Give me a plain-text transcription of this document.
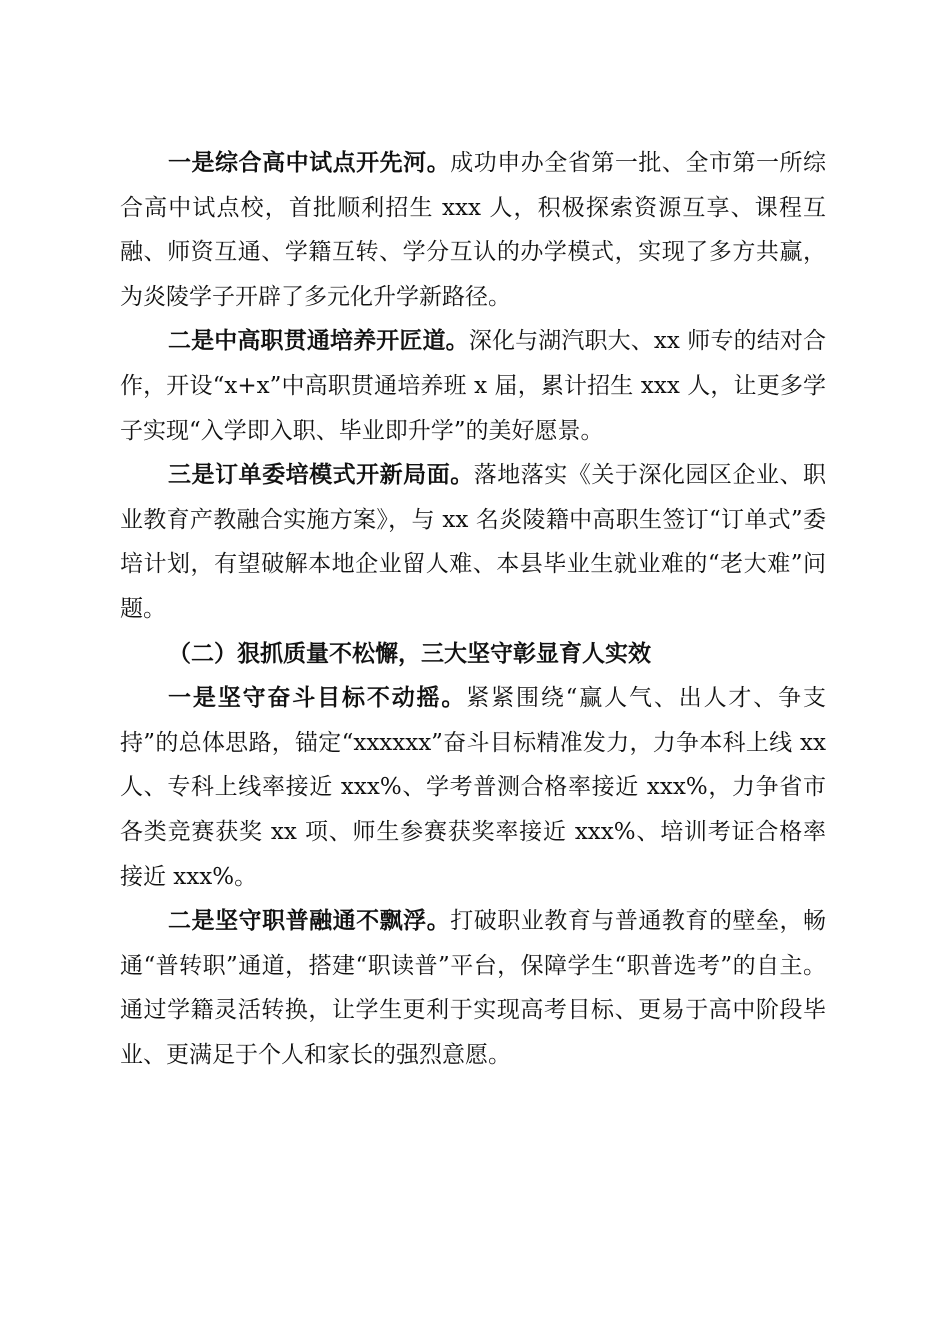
一是综合高中试点开先河。成功申办全省第一批、全市第一所综合高中试点校，首批顺利招生 xxx 人，积极探索资源互享、课程互融、师资互通、学籍互转、学分互认的办学模式，实现了多方共赢，为炎陵学子开辟了多元化升学新路径。

二是中高职贯通培养开匠道。深化与湖汽职大、xx 师专的结对合作，开设“x+x”中高职贯通培养班 x 届，累计招生 xxx 人，让更多学子实现“入学即入职、毕业即升学”的美好愿景。

三是订单委培模式开新局面。落地落实《关于深化园区企业、职业教育产教融合实施方案》，与 xx 名炎陵籍中高职生签订“订单式”委培计划，有望破解本地企业留人难、本县毕业生就业难的“老大难”问题。

（二）狠抓质量不松懈，三大坚守彰显育人实效

一是坚守奋斗目标不动摇。紧紧围绕“赢人气、出人才、争支持”的总体思路，锚定“xxxxxx”奋斗目标精准发力，力争本科上线 xx 人、专科上线率接近 xxx%、学考普测合格率接近 xxx%，力争省市各类竞赛获奖 xx 项、师生参赛获奖率接近 xxx%、培训考证合格率接近 xxx%。

二是坚守职普融通不飘浮。打破职业教育与普通教育的壁垒，畅通“普转职”通道，搭建“职读普”平台，保障学生“职普选考”的自主。通过学籍灵活转换，让学生更利于实现高考目标、更易于高中阶段毕业、更满足于个人和家长的强烈意愿。
